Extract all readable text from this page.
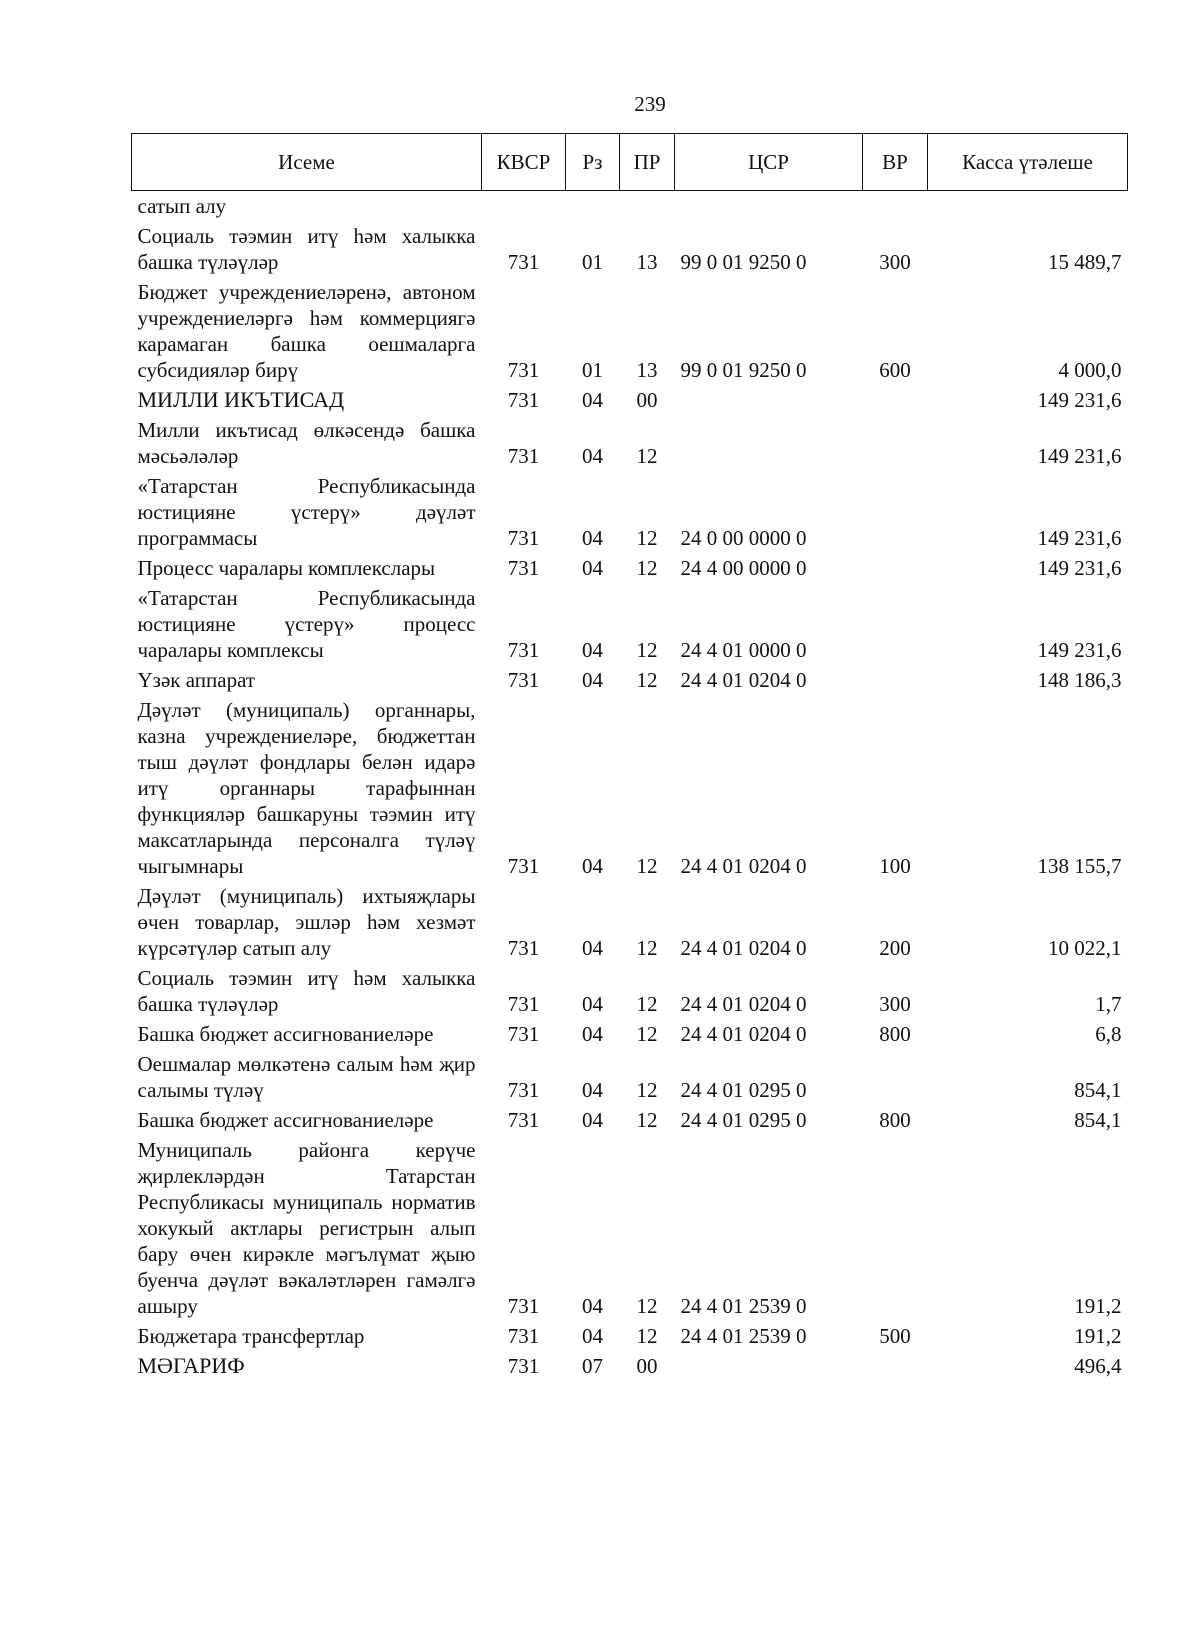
239
Исеме	КВСР	Рз	ПР	ЦСР	ВР	Касса үтәлеше
сатып алу						
Социаль тәэмин итү һәм халыкка башка түләүләр	731	01	13	99 0 01 9250 0	300	15 489,7
Бюджет учреждениеләренә, автоном учреждениеләргә һәм коммерциягә карамаган башка оешмаларга субсидияләр бирү	731	01	13	99 0 01 9250 0	600	4 000,0
МИЛЛИ ИКЪТИСАД	731	04	00			149 231,6
Милли икътисад өлкәсендә башка мәсьәләләр	731	04	12			149 231,6
«Татарстан Республикасында юстицияне үстерү» дәүләт программасы	731	04	12	24 0 00 0000 0		149 231,6
Процесс чаралары комплекслары	731	04	12	24 4 00 0000 0		149 231,6
«Татарстан Республикасында юстицияне үстерү» процесс чаралары комплексы	731	04	12	24 4 01 0000 0		149 231,6
Үзәк аппарат	731	04	12	24 4 01 0204 0		148 186,3
Дәүләт (муниципаль) органнары, казна учреждениеләре, бюджеттан тыш дәүләт фондлары белән идарә итү органнары тарафыннан функцияләр башкаруны тәэмин итү максатларында персоналга түләү чыгымнары	731	04	12	24 4 01 0204 0	100	138 155,7
Дәүләт (муниципаль) ихтыяҗлары өчен товарлар, эшләр һәм хезмәт күрсәтүләр сатып алу	731	04	12	24 4 01 0204 0	200	10 022,1
Социаль тәэмин итү һәм халыкка башка түләүләр	731	04	12	24 4 01 0204 0	300	1,7
Башка бюджет ассигнованиеләре	731	04	12	24 4 01 0204 0	800	6,8
Оешмалар мөлкәтенә салым һәм җир салымы түләү	731	04	12	24 4 01 0295 0		854,1
Башка бюджет ассигнованиеләре	731	04	12	24 4 01 0295 0	800	854,1
Муниципаль районга керүче җирлекләрдән Татарстан Республикасы муниципаль норматив хокукый актлары регистрын алып бару өчен кирәкле мәгълүмат җыю буенча дәүләт вәкаләтләрен гамәлгә ашыру	731	04	12	24 4 01 2539 0		191,2
Бюджетара трансфертлар	731	04	12	24 4 01 2539 0	500	191,2
МӘГАРИФ	731	07	00			496,4
